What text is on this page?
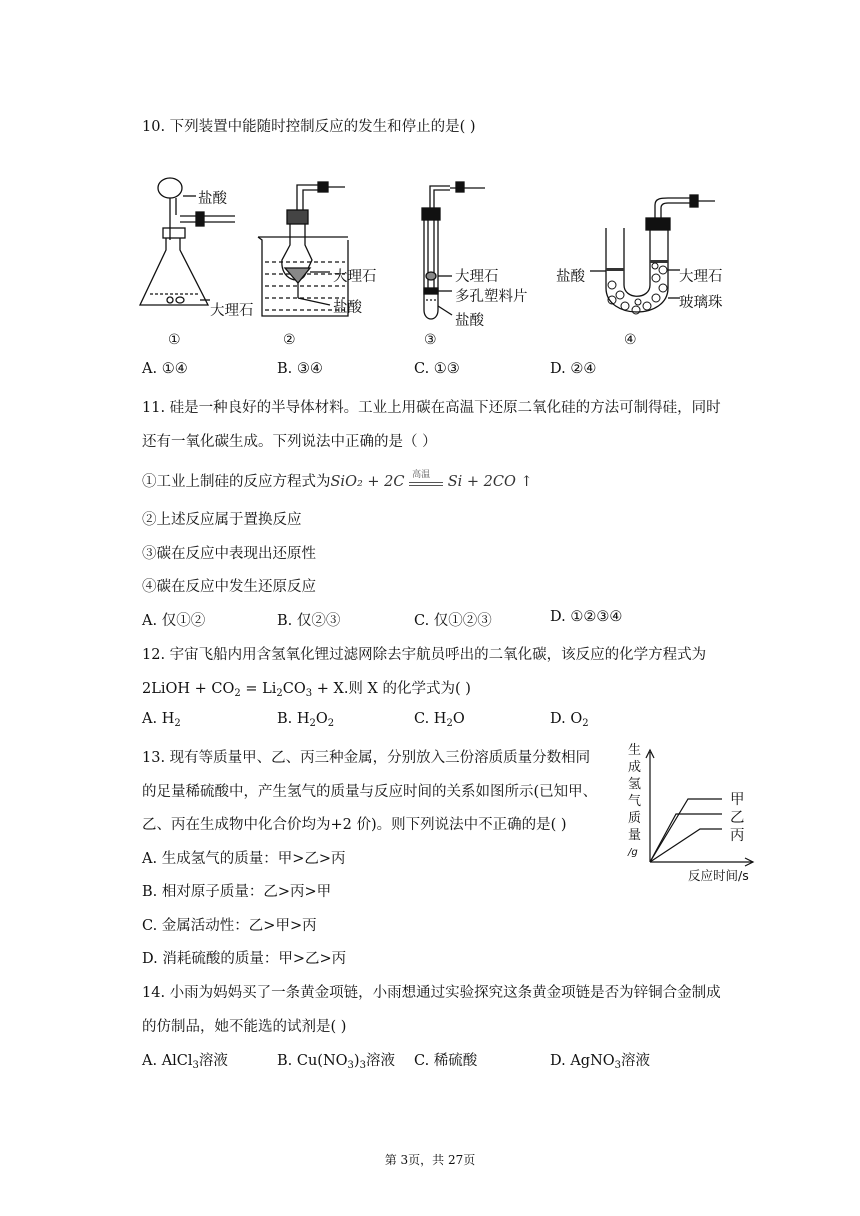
10. 下列装置中能随时控制反应的发生和停止的是( )
盐酸
大理石
大理石
盐酸
大理石
多孔塑料片
盐酸
盐酸	大理石
玻璃珠
①	②	③	④
A. ①④	B. ③④	C. ①③	D. ②④
11. 硅是一种良好的半导体材料。工业上用碳在高温下还原二氧化硅的方法可制得硅，同时
还有一氧化碳生成。下列说法中正确的是（ ）
①工业上制硅的反应方程式为SiO₂ + 2C 高温 Si + 2CO ↑
②上述反应属于置换反应
③碳在反应中表现出还原性
④碳在反应中发生还原反应
A. 仅①②	B. 仅②③	C. 仅①②③	D. ①②③④
12. 宇宙飞船内用含氢氧化锂过滤网除去宇航员呼出的二氧化碳，该反应的化学方程式为
2LiOH + $CO_2 = Li_2CO_3 + X$.则 X 的化学式为( )
A. $H_2$	B. $H_2O_2$	C. $H_2O$	D. $O_2$
13. 现有等质量甲、乙、丙三种金属，分别放入三份溶质质量分数相同
的足量稀硫酸中，产生氢气的质量与反应时间的关系如图所示(已知甲、
乙、丙在生成物中化合价均为+2 价)。则下列说法中不正确的是( )
A. 生成氢气的质量：甲>乙>丙
B. 相对原子质量：乙>丙>甲
C. 金属活动性：乙>甲>丙
D. 消耗硫酸的质量：甲>乙>丙
生
成
氢
气
质
量
/g
甲
乙
丙
反应时间/s
14. 小雨为妈妈买了一条黄金项链，小雨想通过实验探究这条黄金项链是否为锌铜合金制成
的仿制品，她不能选的试剂是( )
A. AlCl$_3$溶液	B. $Cu(NO_3)_3$溶液 C. 稀硫酸	D. AgNO$_3$溶液
第 3页，共 27页
